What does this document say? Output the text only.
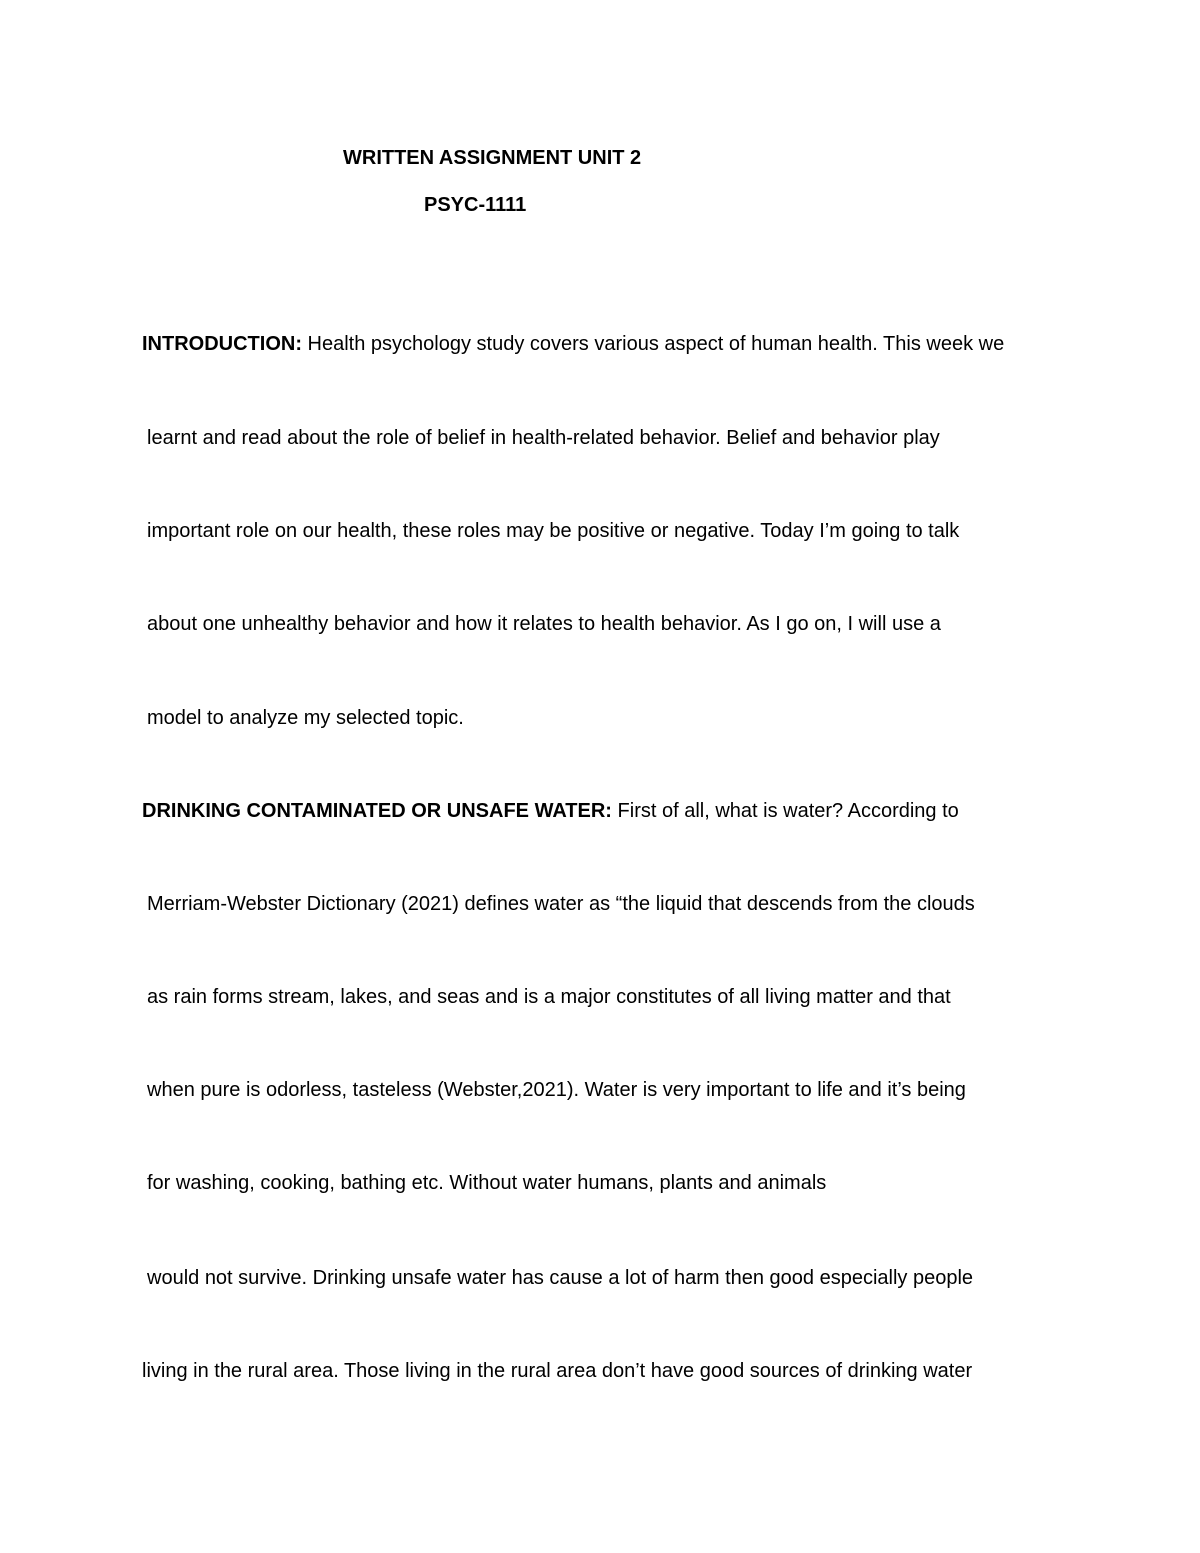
WRITTEN ASSIGNMENT UNIT 2
PSYC-1111
INTRODUCTION: Health psychology study covers various aspect of human health. This week we
learnt and read about the role of belief in health-related behavior. Belief and behavior play
important role on our health, these roles may be positive or negative. Today I’m going to talk
about one unhealthy behavior and how it relates to health behavior. As I go on, I will use a
model to analyze my selected topic.
DRINKING CONTAMINATED OR UNSAFE WATER: First of all, what is water? According to
Merriam-Webster Dictionary (2021) defines water as “the liquid that descends from the clouds
as rain forms stream, lakes, and seas and is a major constitutes of all living matter and that
when pure is odorless, tasteless (Webster,2021). Water is very important to life and it’s being
for washing, cooking, bathing etc. Without water humans, plants and animals
would not survive. Drinking unsafe water has cause a lot of harm then good especially people
living in the rural area. Those living in the rural area don’t have good sources of drinking water
